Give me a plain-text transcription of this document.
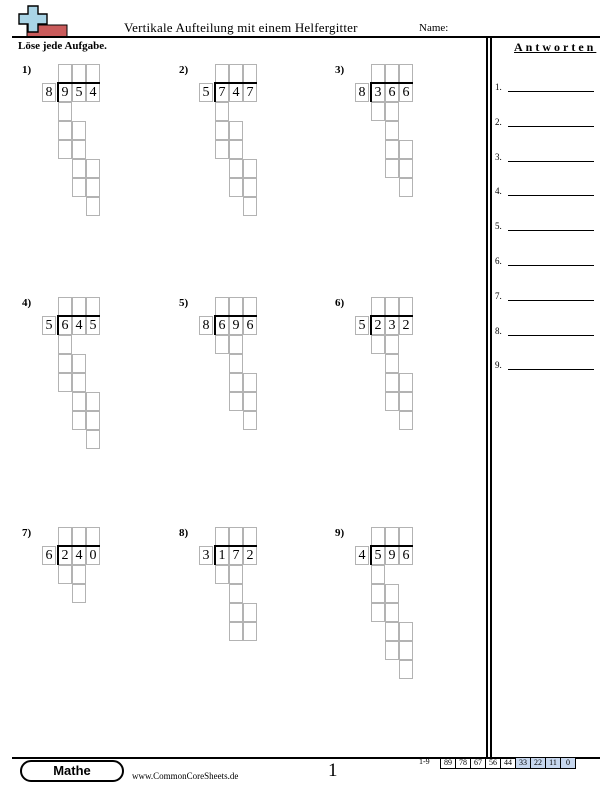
Vertikale Aufteilung mit einem Helfergitter	Name:
Löse jede Aufgabe.	Antworten
1.
2.
3.
4.
5.
6.
7.
8.
9.
1)
8 9 5 4
2)
5 7 4 7
3)
8 3 6 6
4)
5 6 4 5
5)
8 6 9 6
6)
5 2 3 2
7)
6 2 4 0
8)
3 1 7 2
9)
4 5 9 6
Mathe	www.CommonCoreSheets.de	1	1-9	89 78 67 56 44 33 22 11	0
